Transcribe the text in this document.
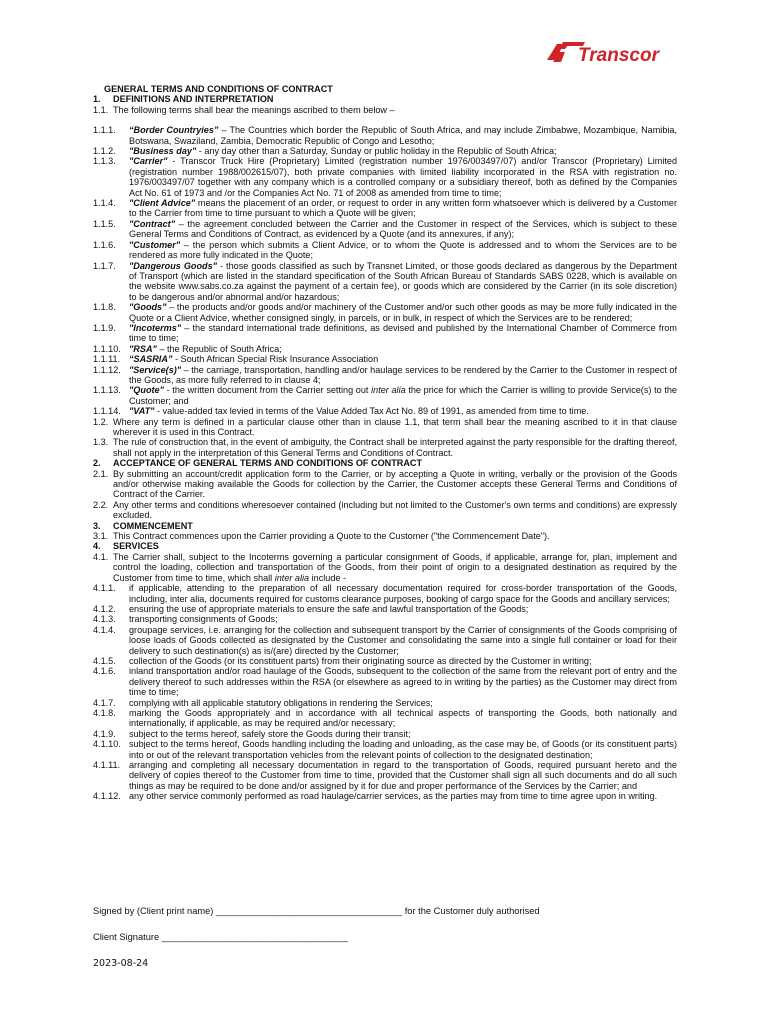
Transcor
GENERAL TERMS AND CONDITIONS OF CONTRACT
1.	DEFINITIONS AND INTERPRETATION
1.1. The following terms shall bear the meanings ascribed to them below –
1.1.1.	“Border Countryies” – The Countries which border the Republic of South Africa, and may include Zimbabwe, Mozambique, Namibia, Botswana, Swaziland, Zambia, Democratic Republic of Congo and Lesotho;
1.1.2.	"Business day" - any day other than a Saturday, Sunday or public holiday in the Republic of South Africa;
1.1.3.	"Carrier" - Transcor Truck Hire (Proprietary) Limited (registration number 1976/003497/07) and/or Transcor (Proprietary) Limited (registration number 1988/002615/07), both private companies with limited liability incorporated in the RSA with registration no. 1976/003497/07 together with any company which is a controlled company or a subsidiary thereof, both as defined by the Companies Act No. 61 of 1973 and /or the Companies Act No. 71 of 2008 as amended from time to time;
1.1.4.	"Client Advice" means the placement of an order, or request to order in any written form whatsoever which is delivered by a Customer to the Carrier from time to time pursuant to which a Quote will be given;
1.1.5.	"Contract" – the agreement concluded between the Carrier and the Customer in respect of the Services, which is subject to these General Terms and Conditions of Contract, as evidenced by a Quote (and its annexures, if any);
1.1.6.	"Customer" – the person which submits a Client Advice, or to whom the Quote is addressed and to whom the Services are to be rendered as more fully indicated in the Quote;
1.1.7.	"Dangerous Goods" - those goods classified as such by Transnet Limited, or those goods declared as dangerous by the Department of Transport (which are listed in the standard specification of the South African Bureau of Standards SABS 0228, which is available on the website www.sabs.co.za against the payment of a certain fee), or goods which are considered by the Carrier (in its sole discretion) to be dangerous and/or abnormal and/or hazardous;
1.1.8.	"Goods" – the products and/or goods and/or machinery of the Customer and/or such other goods as may be more fully indicated in the Quote or a Client Advice, whether consigned singly, in parcels, or in bulk, in respect of which the Services are to be rendered;
1.1.9.	"Incoterms" – the standard international trade definitions, as devised and published by the International Chamber of Commerce from time to time;
1.1.10. "RSA" – the Republic of South Africa;
1.1.11. “SASRIA” - South African Special Risk Insurance Association
1.1.12. "Service(s)" – the carriage, transportation, handling and/or haulage services to be rendered by the Carrier to the Customer in respect of the Goods, as more fully referred to in clause 4;
1.1.13. "Quote" - the written document from the Carrier setting out inter alia the price for which the Carrier is willing to provide Service(s) to the Customer; and
1.1.14. "VAT" - value-added tax levied in terms of the Value Added Tax Act No. 89 of 1991, as amended from time to time.
1.2. Where any term is defined in a particular clause other than in clause 1.1, that term shall bear the meaning ascribed to it in that clause wherever it is used in this Contract.
1.3. The rule of construction that, in the event of ambiguity, the Contract shall be interpreted against the party responsible for the drafting thereof, shall not apply in the interpretation of this General Terms and Conditions of Contract.
2.	ACCEPTANCE OF GENERAL TERMS AND CONDITIONS OF CONTRACT
2.1. By submitting an account/credit application form to the Carrier, or by accepting a Quote in writing, verbally or the provision of the Goods and/or otherwise making available the Goods for collection by the Carrier, the Customer accepts these General Terms and Conditions of Contract of the Carrier.
2.2. Any other terms and conditions wheresoever contained (including but not limited to the Customer's own terms and conditions) are expressly excluded.
3.	COMMENCEMENT
3.1. This Contract commences upon the Carrier providing a Quote to the Customer ("the Commencement Date").
4.	SERVICES
4.1. The Carrier shall, subject to the Incoterms governing a particular consignment of Goods, if applicable, arrange for, plan, implement and control the loading, collection and transportation of the Goods, from their point of origin to a designated destination as required by the Customer from time to time, which shall inter alia include -
4.1.1.	if applicable, attending to the preparation of all necessary documentation required for cross-border transportation of the Goods, including, inter alia, documents required for customs clearance purposes, booking of cargo space for the Goods and ancillary services;
4.1.2.	ensuring the use of appropriate materials to ensure the safe and lawful transportation of the Goods;
4.1.3.	transporting consignments of Goods;
4.1.4.	groupage services, i.e. arranging for the collection and subsequent transport by the Carrier of consignments of the Goods comprising of loose loads of Goods collected as designated by the Customer and consolidating the same into a single full container or load for their delivery to such destination(s) as is/(are) directed by the Customer;
4.1.5.	collection of the Goods (or its constituent parts) from their originating source as directed by the Customer in writing;
4.1.6.	inland transportation and/or road haulage of the Goods, subsequent to the collection of the same from the relevant port of entry and the delivery thereof to such addresses within the RSA (or elsewhere as agreed to in writing by the parties) as the Customer may direct from time to time;
4.1.7.	complying with all applicable statutory obligations in rendering the Services;
4.1.8.	marking the Goods appropriately and in accordance with all technical aspects of transporting the Goods, both nationally and internationally, if applicable, as may be required and/or necessary;
4.1.9.	subject to the terms hereof, safely store the Goods during their transit;
4.1.10. subject to the terms hereof, Goods handling including the loading and unloading, as the case may be, of Goods (or its constituent parts) into or out of the relevant transportation vehicles from the relevant points of collection to the designated destination;
4.1.11. arranging and completing all necessary documentation in regard to the transportation of Goods, required pursuant hereto and the delivery of copies thereof to the Customer from time to time, provided that the Customer shall sign all such documents and do all such things as may be required to be done and/or assigned by it for due and proper performance of the Services by the Carrier; and
4.1.12. any other service commonly performed as road haulage/carrier services, as the parties may from time to time agree upon in writing.
Signed by (Client print name) ____________________________________ for the Customer duly authorised
Client Signature ____________________________________
2023-08-24
